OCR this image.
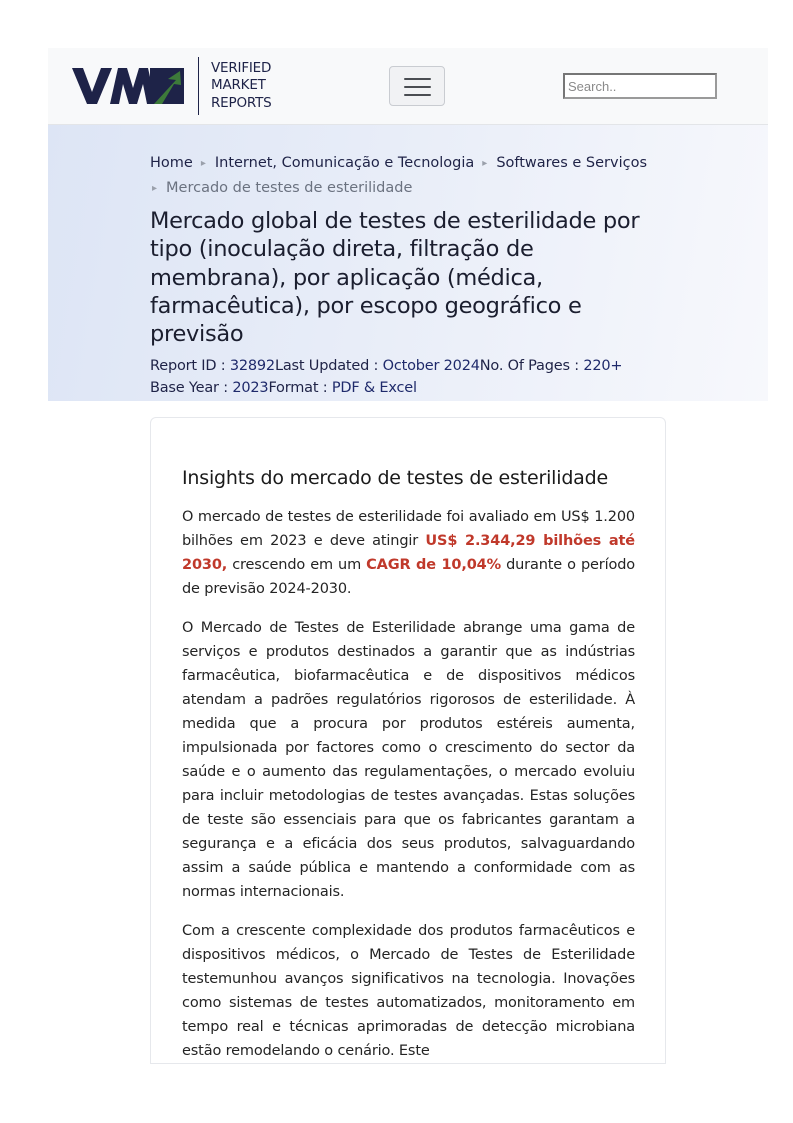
VERIFIED
MARKET
REPORTS
Search..
Home ▸ Internet, Comunicação e Tecnologia ▸ Softwares e Serviços
▸ Mercado de testes de esterilidade
Mercado global de testes de esterilidade por tipo (inoculação direta, filtração de membrana), por aplicação (médica, farmacêutica), por escopo geográfico e previsão
Report ID : 32892Last Updated : October 2024No. Of Pages : 220+
Base Year : 2023Format : PDF & Excel
Insights do mercado de testes de esterilidade

O mercado de testes de esterilidade foi avaliado em US$ 1.200 bilhões em 2023 e deve atingir US$ 2.344,29 bilhões até 2030, crescendo em um CAGR de 10,04% durante o período de previsão 2024-2030.

O Mercado de Testes de Esterilidade abrange uma gama de serviços e produtos destinados a garantir que as indústrias farmacêutica, biofarmacêutica e de dispositivos médicos atendam a padrões regulatórios rigorosos de esterilidade. À medida que a procura por produtos estéreis aumenta, impulsionada por factores como o crescimento do sector da saúde e o aumento das regulamentações, o mercado evoluiu para incluir metodologias de testes avançadas. Estas soluções de teste são essenciais para que os fabricantes garantam a segurança e a eficácia dos seus produtos, salvaguardando assim a saúde pública e mantendo a conformidade com as normas internacionais.

Com a crescente complexidade dos produtos farmacêuticos e dispositivos médicos, o Mercado de Testes de Esterilidade testemunhou avanços significativos na tecnologia. Inovações como sistemas de testes automatizados, monitoramento em tempo real e técnicas aprimoradas de detecção microbiana estão remodelando o cenário. Este
